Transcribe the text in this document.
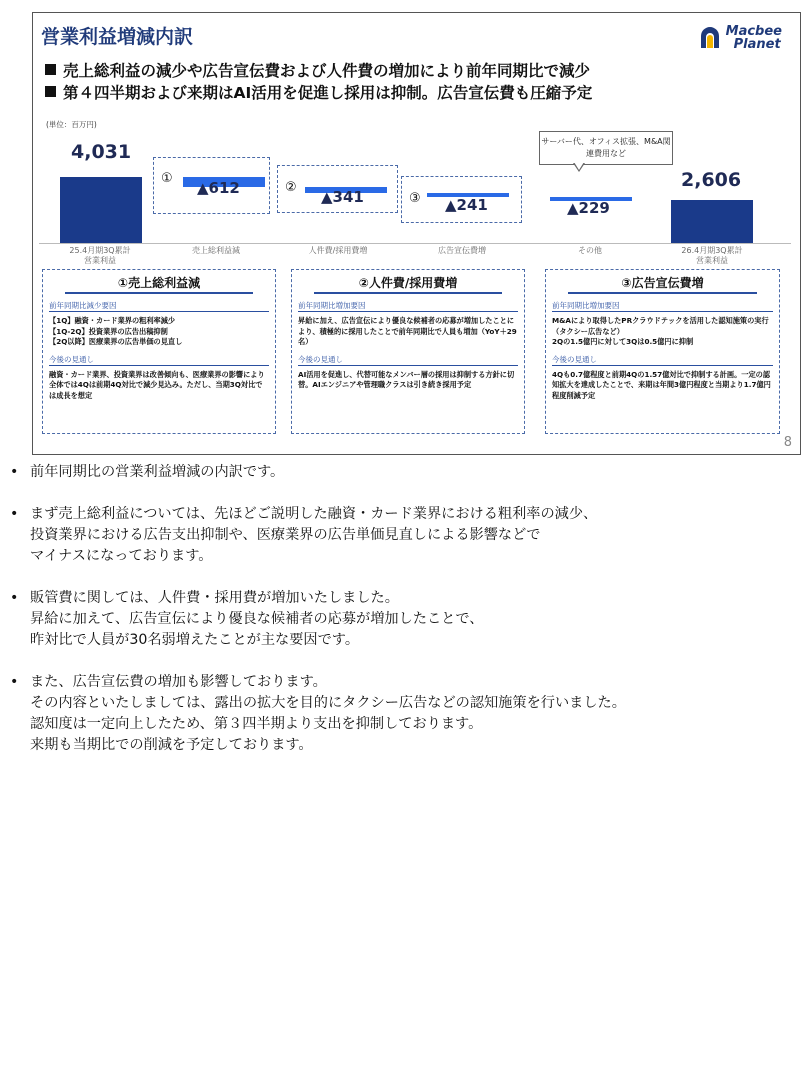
営業利益増減内訳	Macbee
Planet
売上総利益の減少や広告宣伝費および人件費の増加により前年同期比で減少
第４四半期および来期はAI活用を促進し採用は抑制。広告宣伝費も圧縮予定
(単位：百万円)
①
②
③
4,031
▲612	▲341	▲241	▲229
2,606
25.4月期3Q累計
営業利益
売上総利益減	人件費/採用費増	広告宣伝費増	その他	26.4月期3Q累計
営業利益
サーバー代、オフィス拡張、M&A関連費用など
①売上総利益減
前年同期比減少要因
【1Q】融資・カード業界の粗利率減少
【1Q-2Q】投資業界の広告出稿抑制
【2Q以降】医療業界の広告単価の見直し
今後の見通し
融資・カード業界、投資業界は改善傾向も、医療業界の影響により全体では4Qは前期4Q対比で減少見込み。ただし、当期3Q対比では成長を想定
②人件費/採用費増
前年同期比増加要因
昇給に加え、広告宣伝により優良な候補者の応募が増加したことにより、積極的に採用したことで前年同期比で人員も増加（YoY＋29名）
今後の見通し
AI活用を促進し、代替可能なメンバー層の採用は抑制する方針に切替。AIエンジニアや管理職クラスは引き続き採用予定
③広告宣伝費増
前年同期比増加要因
M&Aにより取得したPRクラウドテックを活用した認知施策の実行（タクシー広告など）
2Qの1.5億円に対して3Qは0.5億円に抑制
今後の見通し
4Qも0.7億程度と前期4Qの1.57億対比で抑制する計画。一定の認知拡大を達成したことで、来期は年間3億円程度と当期より1.7億円程度削減予定
8
• 前年同期比の営業利益増減の内訳です。
• まず売上総利益については、先ほどご説明した融資・カード業界における粗利率の減少、
投資業界における広告支出抑制や、医療業界の広告単価見直しによる影響などで
マイナスになっております。
• 販管費に関しては、人件費・採用費が増加いたしました。
昇給に加えて、広告宣伝により優良な候補者の応募が増加したことで、
昨対比で人員が30名弱増えたことが主な要因です。
• また、広告宣伝費の増加も影響しております。
その内容といたしましては、露出の拡大を目的にタクシー広告などの認知施策を行いました。
認知度は一定向上したため、第３四半期より支出を抑制しております。
来期も当期比での削減を予定しております。
